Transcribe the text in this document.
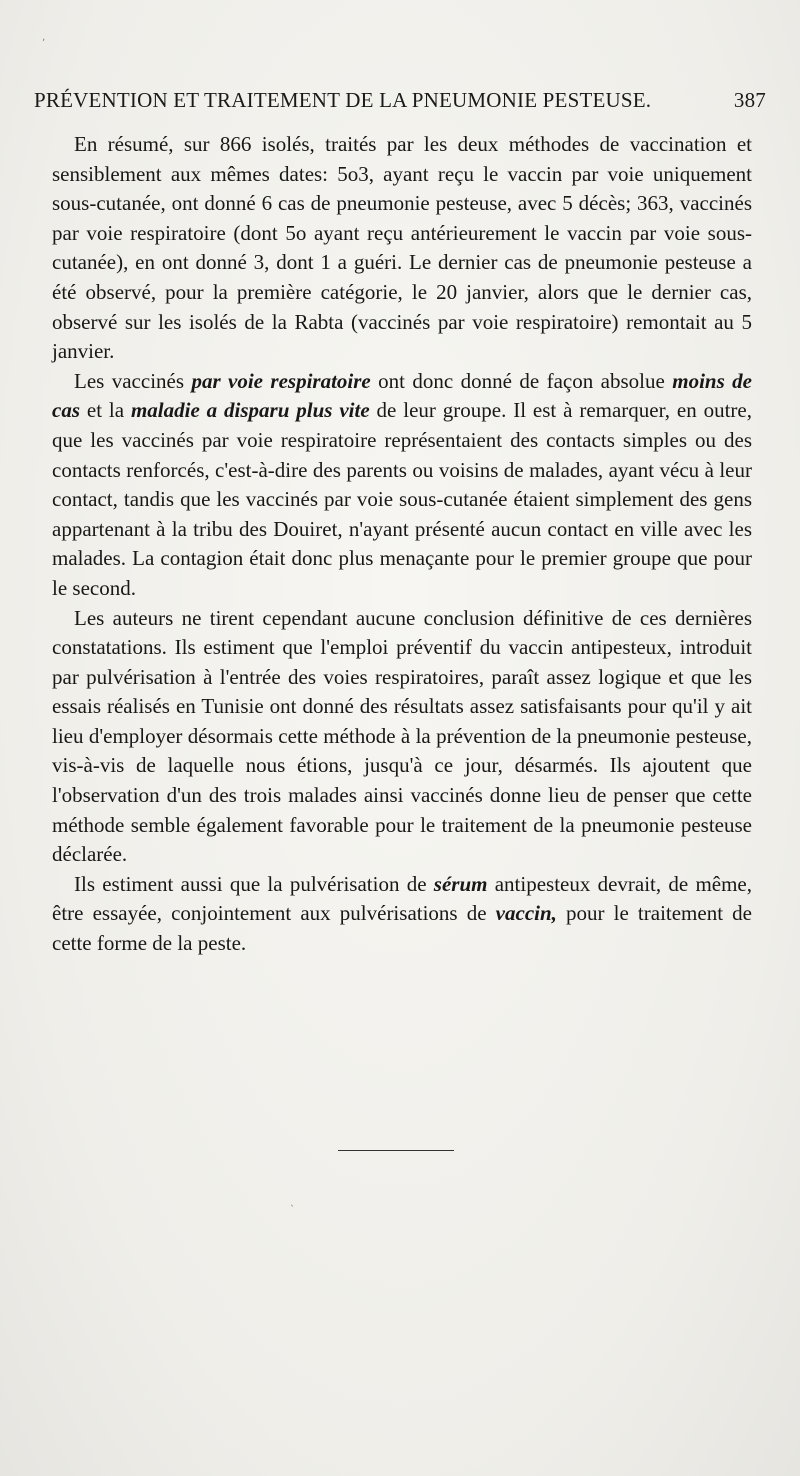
PRÉVENTION ET TRAITEMENT DE LA PNEUMONIE PESTEUSE.	387

En résumé, sur 866 isolés, traités par les deux méthodes de vaccination et sensiblement aux mêmes dates: 5o3, ayant reçu le vaccin par voie uniquement sous-cutanée, ont donné 6 cas de pneumonie pesteuse, avec 5 décès; 363, vaccinés par voie respiratoire (dont 5o ayant reçu antérieurement le vaccin par voie sous-cutanée), en ont donné 3, dont 1 a guéri. Le dernier cas de pneumonie pesteuse a été observé, pour la première catégorie, le 20 janvier, alors que le dernier cas, observé sur les isolés de la Rabta (vaccinés par voie respiratoire) remontait au 5 janvier.

Les vaccinés par voie respiratoire ont donc donné de façon absolue moins de cas et la maladie a disparu plus vite de leur groupe. Il est à remarquer, en outre, que les vaccinés par voie respiratoire représentaient des contacts simples ou des contacts renforcés, c'est-à-dire des parents ou voisins de malades, ayant vécu à leur contact, tandis que les vaccinés par voie sous-cutanée étaient simplement des gens appartenant à la tribu des Douiret, n'ayant présenté aucun contact en ville avec les malades. La contagion était donc plus menaçante pour le premier groupe que pour le second.

Les auteurs ne tirent cependant aucune conclusion définitive de ces dernières constatations. Ils estiment que l'emploi préventif du vaccin antipesteux, introduit par pulvérisation à l'entrée des voies respiratoires, paraît assez logique et que les essais réalisés en Tunisie ont donné des résultats assez satisfaisants pour qu'il y ait lieu d'employer désormais cette méthode à la prévention de la pneumonie pesteuse, vis-à-vis de laquelle nous étions, jusqu'à ce jour, désarmés. Ils ajoutent que l'observation d'un des trois malades ainsi vaccinés donne lieu de penser que cette méthode semble également favorable pour le traitement de la pneumonie pesteuse déclarée.

Ils estiment aussi que la pulvérisation de sérum antipesteux devrait, de même, être essayée, conjointement aux pulvérisations de vaccin, pour le traitement de cette forme de la peste.

ʼ
ˎ
